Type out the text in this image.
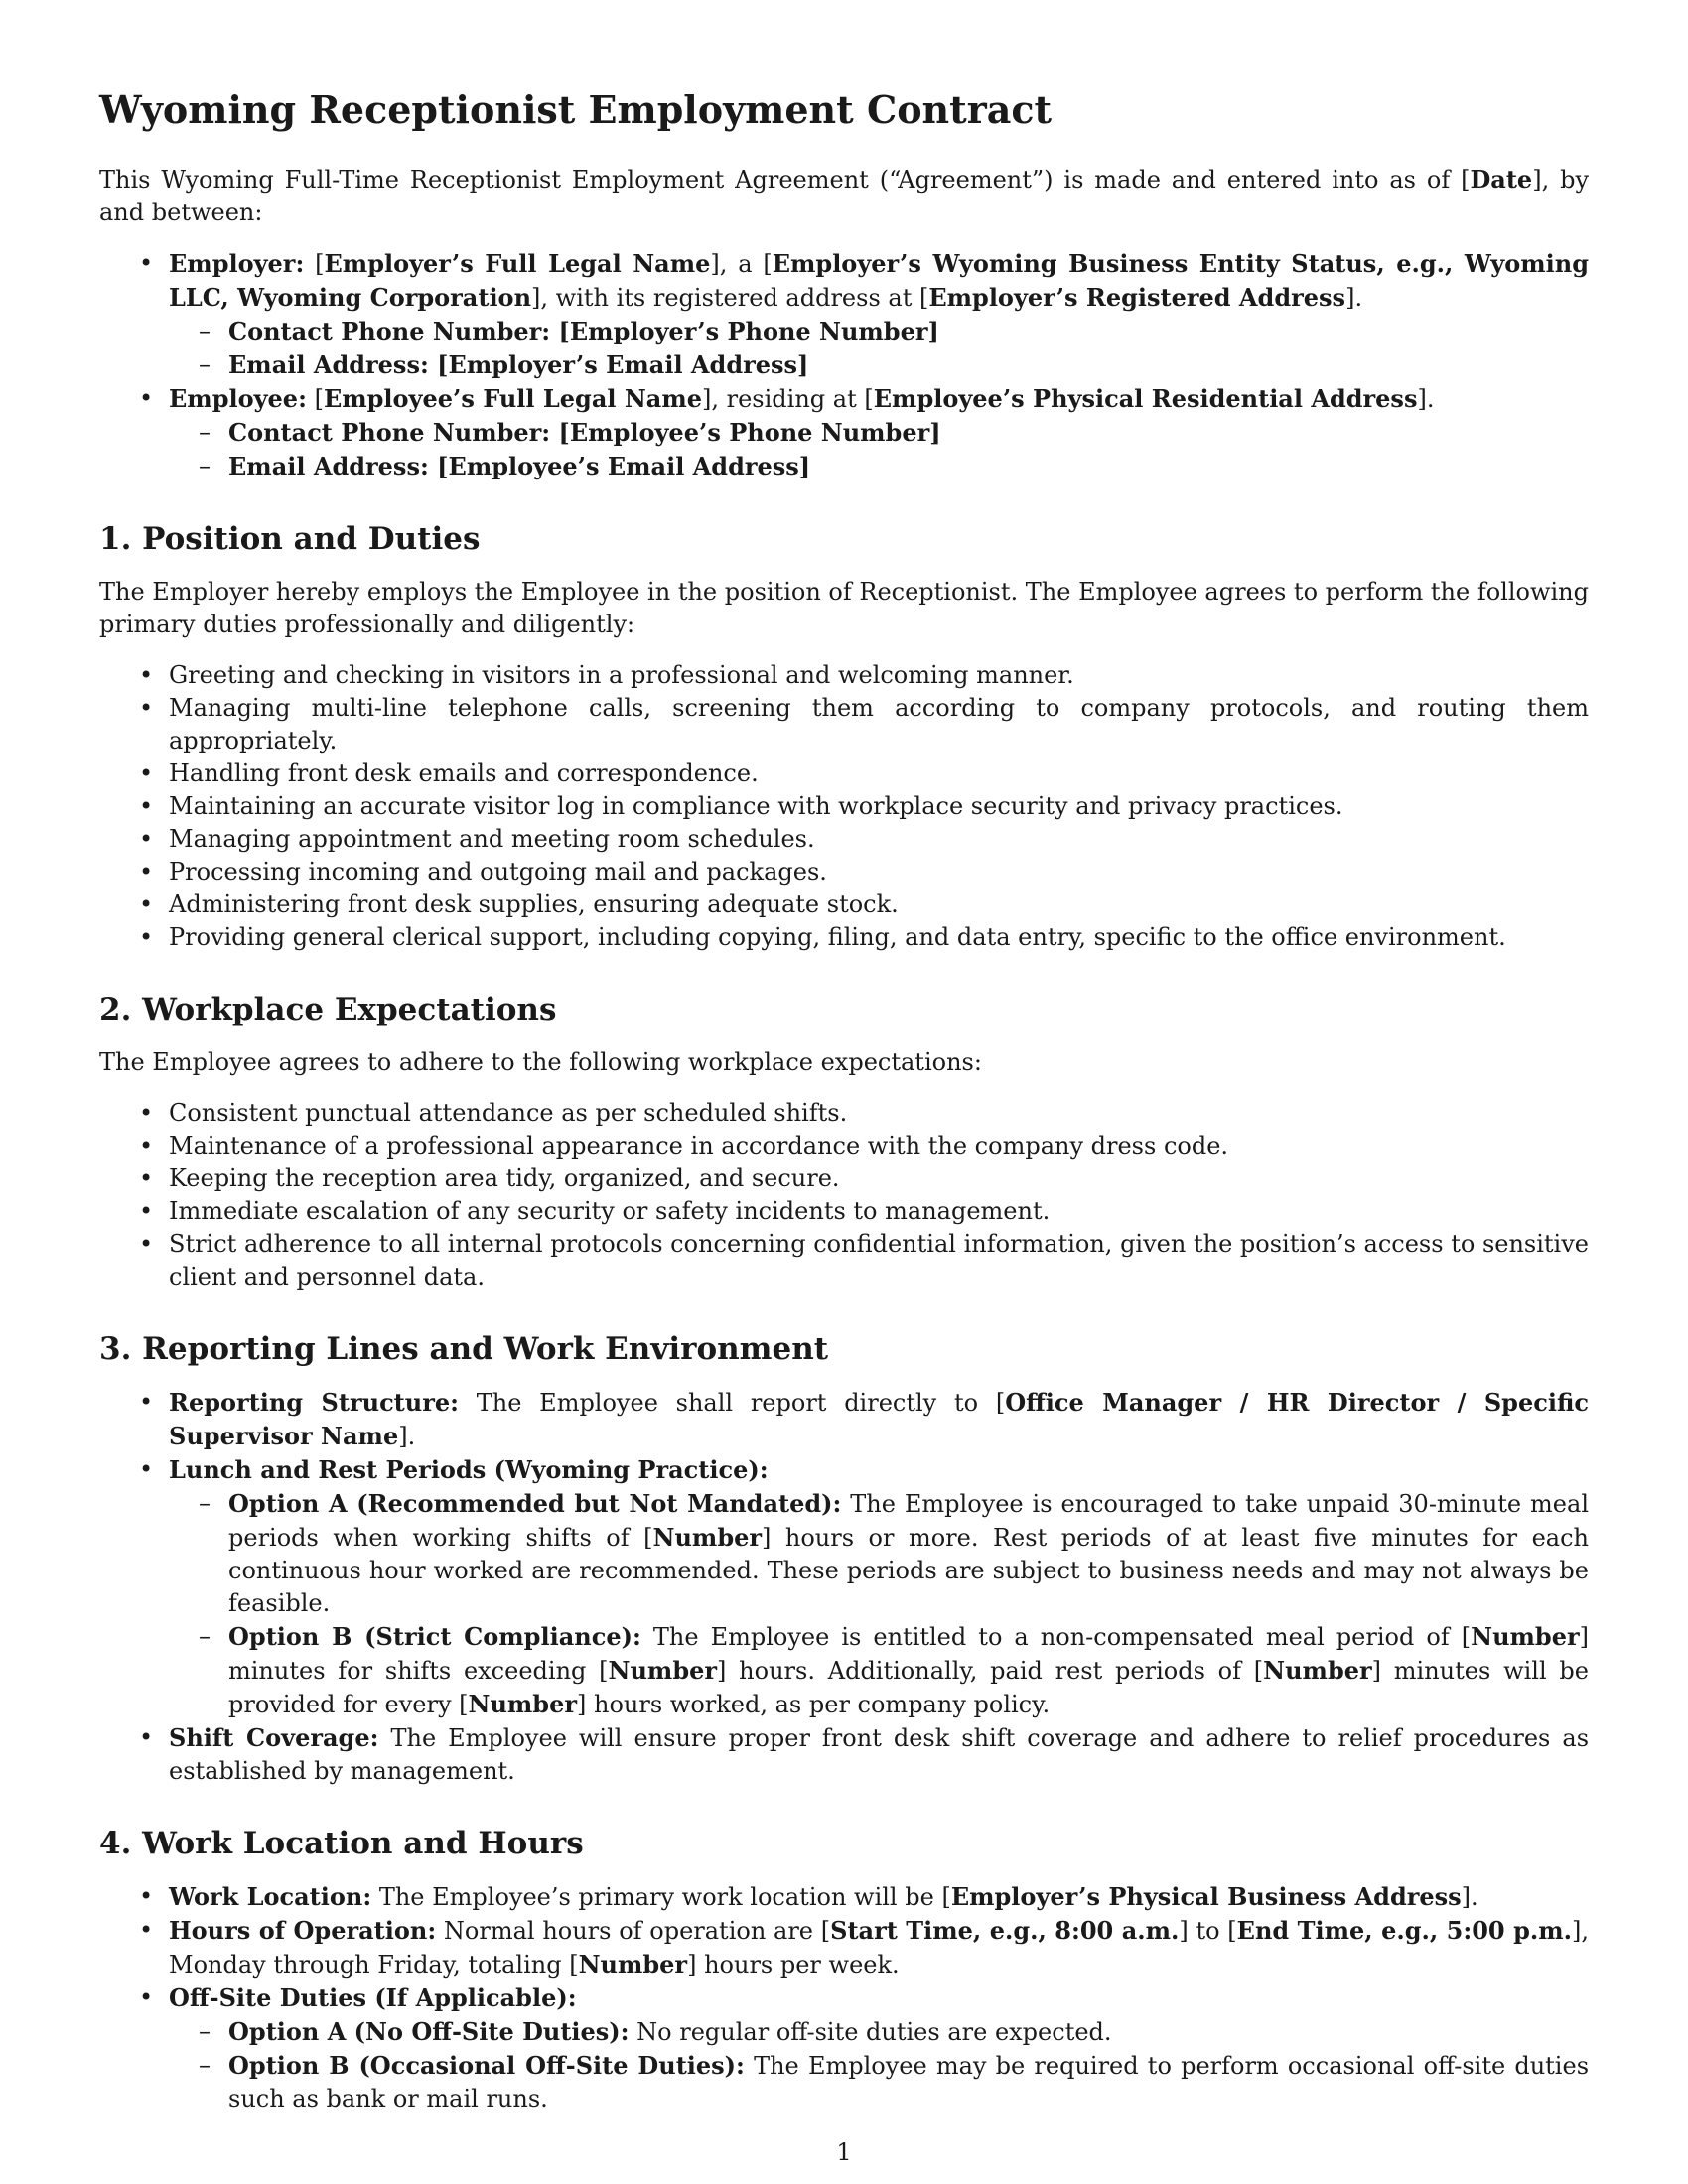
Wyoming Receptionist Employment Contract

This Wyoming Full-Time Receptionist Employment Agreement (“Agreement”) is made and entered into as of [Date], by and between:

• Employer: [Employer’s Full Legal Name], a [Employer’s Wyoming Business Entity Status, e.g., Wyoming LLC, Wyoming Corporation], with its registered address at [Employer’s Registered Address].
– Contact Phone Number: [Employer’s Phone Number]
– Email Address: [Employer’s Email Address]
• Employee: [Employee’s Full Legal Name], residing at [Employee’s Physical Residential Address].
– Contact Phone Number: [Employee’s Phone Number]
– Email Address: [Employee’s Email Address]
1. Position and Duties

The Employer hereby employs the Employee in the position of Receptionist. The Employee agrees to perform the following primary duties professionally and diligently:

• Greeting and checking in visitors in a professional and welcoming manner.
• Managing multi-line telephone calls, screening them according to company protocols, and routing them appropriately.
• Handling front desk emails and correspondence.
• Maintaining an accurate visitor log in compliance with workplace security and privacy practices.
• Managing appointment and meeting room schedules.
• Processing incoming and outgoing mail and packages.
• Administering front desk supplies, ensuring adequate stock.
• Providing general clerical support, including copying, filing, and data entry, specific to the office environment.
2. Workplace Expectations

The Employee agrees to adhere to the following workplace expectations:

• Consistent punctual attendance as per scheduled shifts.
• Maintenance of a professional appearance in accordance with the company dress code.
• Keeping the reception area tidy, organized, and secure.
• Immediate escalation of any security or safety incidents to management.
• Strict adherence to all internal protocols concerning confidential information, given the position’s access to sensitive client and personnel data.
3. Reporting Lines and Work Environment
• Reporting Structure: The Employee shall report directly to [Office Manager / HR Director / Specific Supervisor Name].
• Lunch and Rest Periods (Wyoming Practice):
– Option A (Recommended but Not Mandated): The Employee is encouraged to take unpaid 30-minute meal periods when working shifts of [Number] hours or more. Rest periods of at least five minutes for each continuous hour worked are recommended. These periods are subject to business needs and may not always be feasible.
– Option B (Strict Compliance): The Employee is entitled to a non-compensated meal period of [Number] minutes for shifts exceeding [Number] hours. Additionally, paid rest periods of [Number] minutes will be provided for every [Number] hours worked, as per company policy.
• Shift Coverage: The Employee will ensure proper front desk shift coverage and adhere to relief procedures as established by management.
4. Work Location and Hours
• Work Location: The Employee’s primary work location will be [Employer’s Physical Business Address].
• Hours of Operation: Normal hours of operation are [Start Time, e.g., 8:00 a.m.] to [End Time, e.g., 5:00 p.m.], Monday through Friday, totaling [Number] hours per week.
• Off-Site Duties (If Applicable):
– Option A (No Off-Site Duties): No regular off-site duties are expected.
– Option B (Occasional Off-Site Duties): The Employee may be required to perform occasional off-site duties such as bank or mail runs.
1
